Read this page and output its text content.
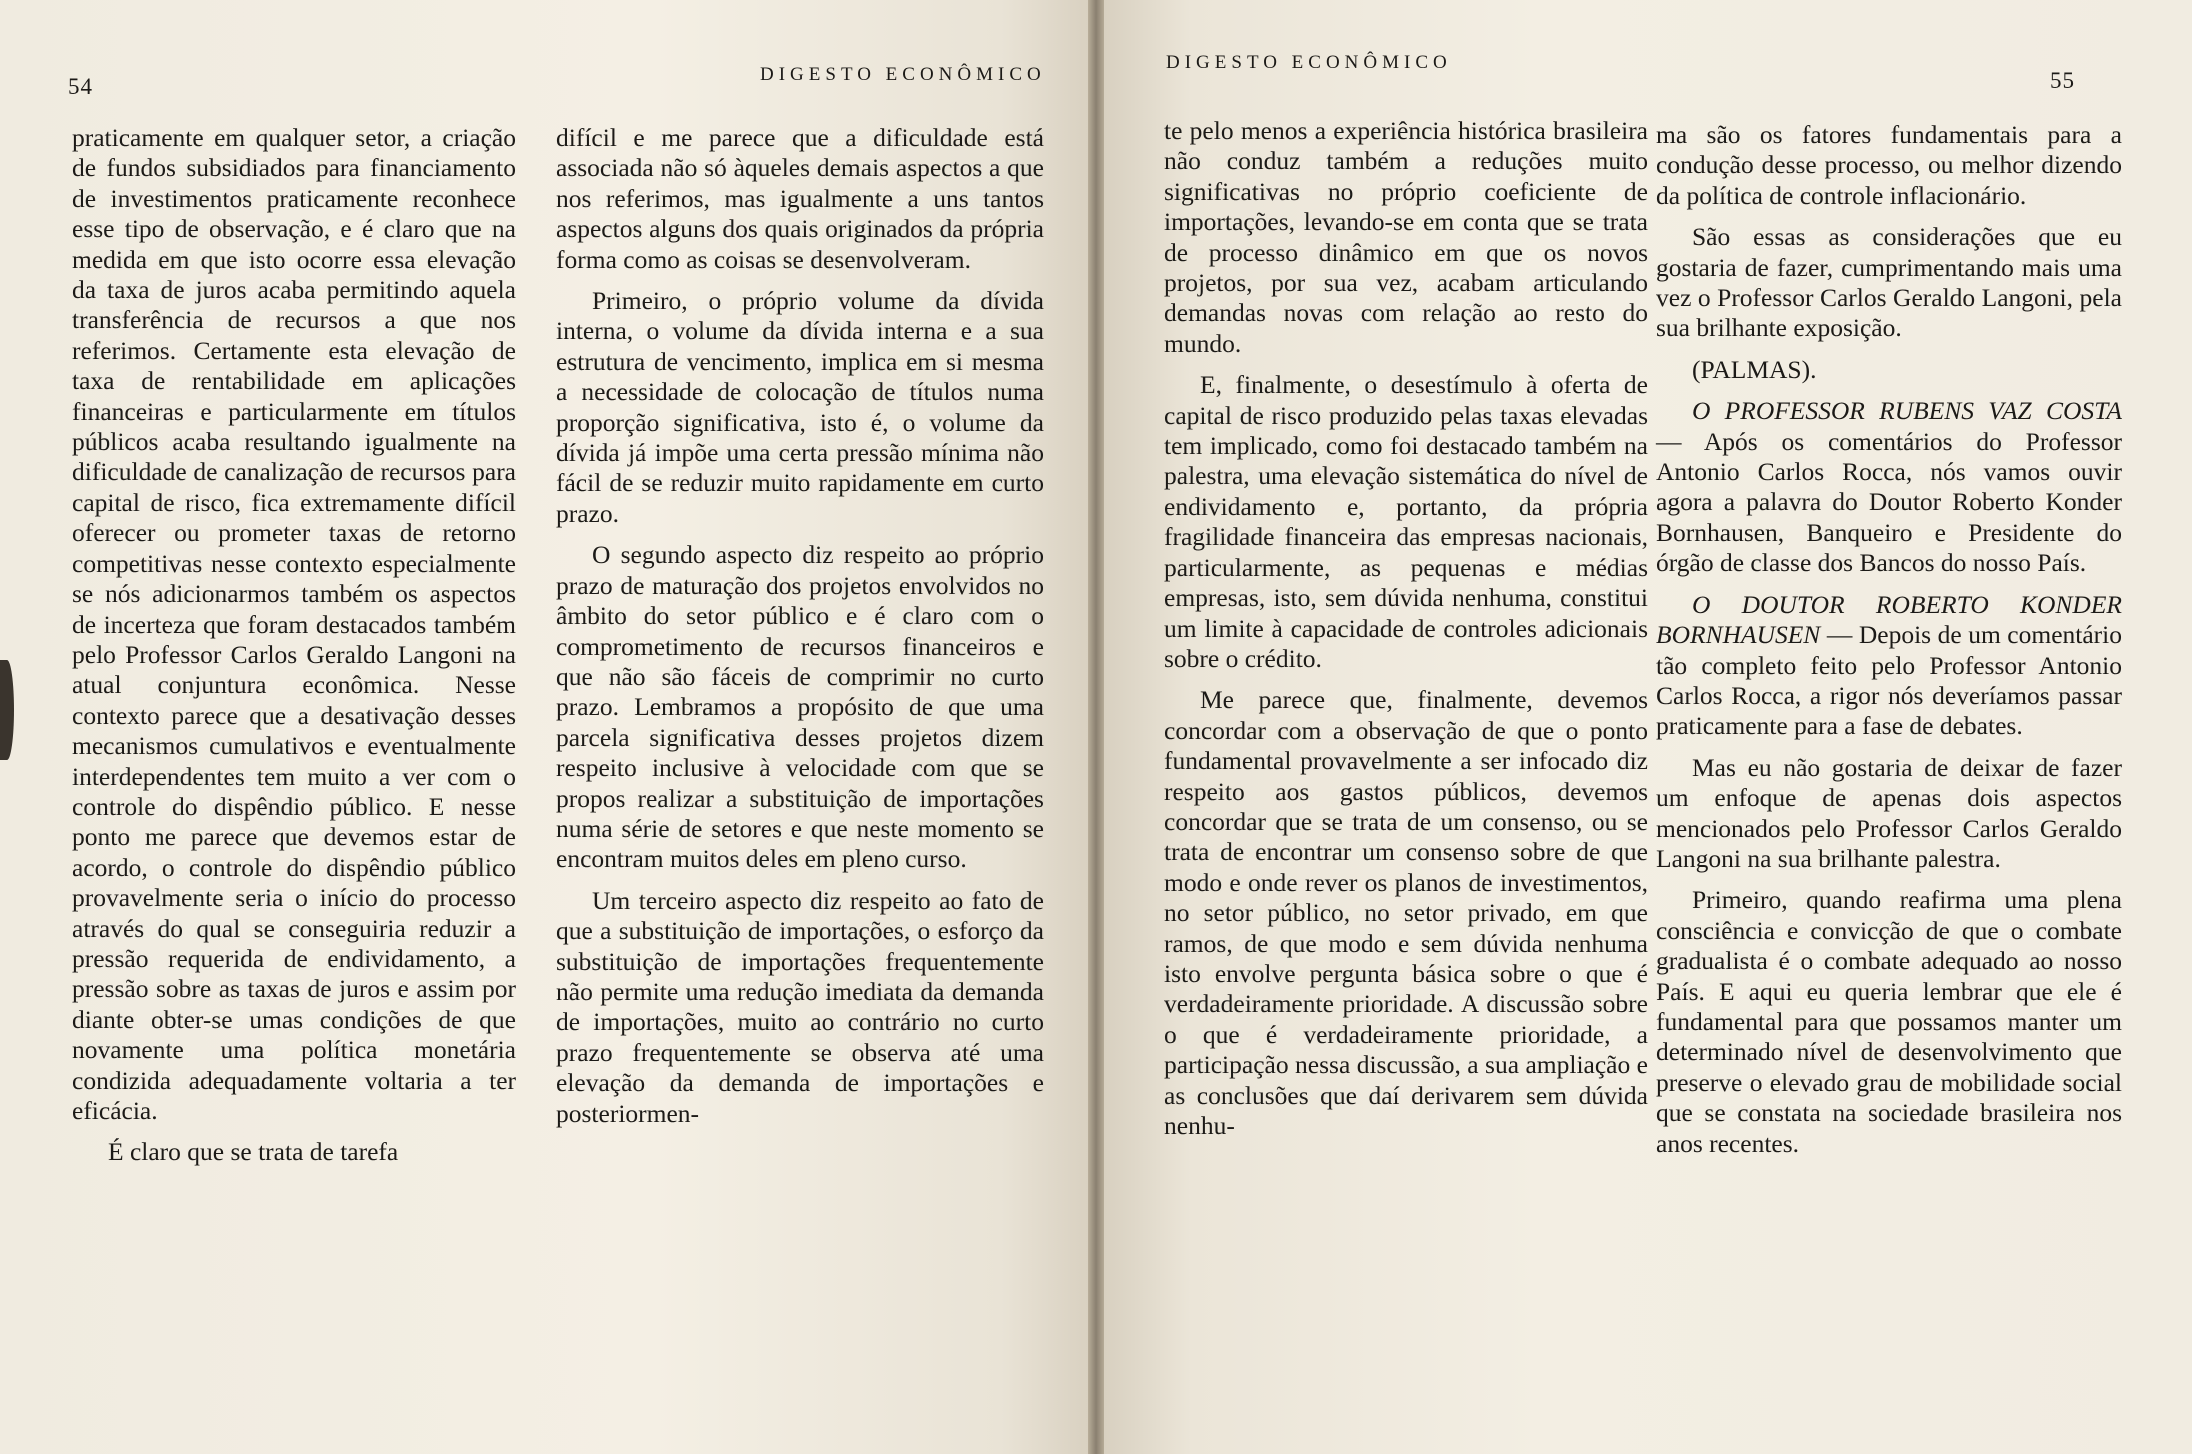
54	DIGESTO ECONÔMICO

praticamente em qualquer setor, a criação de fundos subsidiados para financiamento de investimentos praticamente reconhece esse tipo de observação, e é claro que na medida em que isto ocorre essa elevação da taxa de juros acaba permitindo aquela transferência de recursos a que nos referimos. Certamente esta elevação de taxa de rentabilidade em aplicações financeiras e particularmente em títulos públicos acaba resultando igualmente na dificuldade de canalização de recursos para capital de risco, fica extremamente difícil oferecer ou prometer taxas de retorno competitivas nesse contexto especialmente se nós adicionarmos também os aspectos de incerteza que foram destacados também pelo Professor Carlos Geraldo Langoni na atual conjuntura econômica. Nesse contexto parece que a desativação desses mecanismos cumulativos e eventualmente interdependentes tem muito a ver com o controle do dispêndio público. E nesse ponto me parece que devemos estar de acordo, o controle do dispêndio público provavelmente seria o início do processo através do qual se conseguiria reduzir a pressão requerida de endividamento, a pressão sobre as taxas de juros e assim por diante obter-se umas condições de que novamente uma política monetária condizida adequadamente voltaria a ter eficácia.

É claro que se trata de tarefa

difícil e me parece que a dificuldade está associada não só àqueles demais aspectos a que nos referimos, mas igualmente a uns tantos aspectos alguns dos quais originados da própria forma como as coisas se desenvolveram.

Primeiro, o próprio volume da dívida interna, o volume da dívida interna e a sua estrutura de vencimento, implica em si mesma a necessidade de colocação de títulos numa proporção significativa, isto é, o volume da dívida já impõe uma certa pressão mínima não fácil de se reduzir muito rapidamente em curto prazo.

O segundo aspecto diz respeito ao próprio prazo de maturação dos projetos envolvidos no âmbito do setor público e é claro com o comprometimento de recursos financeiros e que não são fáceis de comprimir no curto prazo. Lembramos a propósito de que uma parcela significativa desses projetos dizem respeito inclusive à velocidade com que se propos realizar a substituição de importações numa série de setores e que neste momento se encontram muitos deles em pleno curso.

Um terceiro aspecto diz respeito ao fato de que a substituição de importações, o esforço da substituição de importações frequentemente não permite uma redução imediata da demanda de importações, muito ao contrário no curto prazo frequentemente se observa até uma elevação da demanda de importações e posteriormen-

DIGESTO ECONÔMICO
55

te pelo menos a experiência histórica brasileira não conduz também a reduções muito significativas no próprio coeficiente de importações, levando-se em conta que se trata de processo dinâmico em que os novos projetos, por sua vez, acabam articulando demandas novas com relação ao resto do mundo.

E, finalmente, o desestímulo à oferta de capital de risco produzido pelas taxas elevadas tem implicado, como foi destacado também na palestra, uma elevação sistemática do nível de endividamento e, portanto, da própria fragilidade financeira das empresas nacionais, particularmente, as pequenas e médias empresas, isto, sem dúvida nenhuma, constitui um limite à capacidade de controles adicionais sobre o crédito.

Me parece que, finalmente, devemos concordar com a observação de que o ponto fundamental provavelmente a ser infocado diz respeito aos gastos públicos, devemos concordar que se trata de um consenso, ou se trata de encontrar um consenso sobre de que modo e onde rever os planos de investimentos, no setor público, no setor privado, em que ramos, de que modo e sem dúvida nenhuma isto envolve pergunta básica sobre o que é verdadeiramente prioridade. A discussão sobre o que é verdadeiramente prioridade, a participação nessa discussão, a sua ampliação e as conclusões que daí derivarem sem dúvida nenhu-

ma são os fatores fundamentais para a condução desse processo, ou melhor dizendo da política de controle inflacionário.

São essas as considerações que eu gostaria de fazer, cumprimentando mais uma vez o Professor Carlos Geraldo Langoni, pela sua brilhante exposição.

(PALMAS).

O PROFESSOR RUBENS VAZ COSTA — Após os comentários do Professor Antonio Carlos Rocca, nós vamos ouvir agora a palavra do Doutor Roberto Konder Bornhausen, Banqueiro e Presidente do órgão de classe dos Bancos do nosso País.

O DOUTOR ROBERTO KONDER BORNHAUSEN — Depois de um comentário tão completo feito pelo Professor Antonio Carlos Rocca, a rigor nós deveríamos passar praticamente para a fase de debates.

Mas eu não gostaria de deixar de fazer um enfoque de apenas dois aspectos mencionados pelo Professor Carlos Geraldo Langoni na sua brilhante palestra.

Primeiro, quando reafirma uma plena consciência e convicção de que o combate gradualista é o combate adequado ao nosso País. E aqui eu queria lembrar que ele é fundamental para que possamos manter um determinado nível de desenvolvimento que preserve o elevado grau de mobilidade social que se constata na sociedade brasileira nos anos recentes.
